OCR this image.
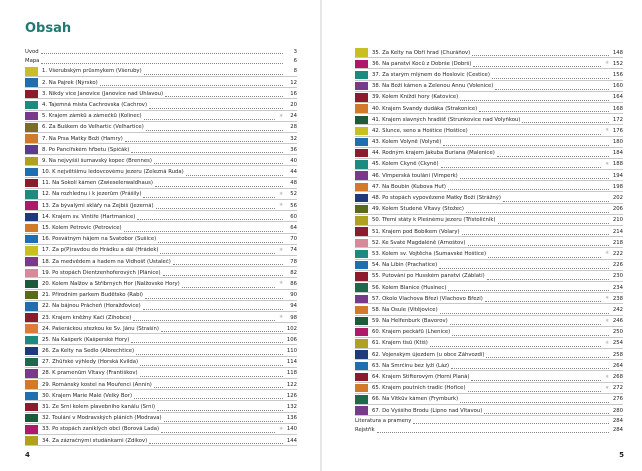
Obsah
Úvod	3
Mapa	6
1. Všerubským průsmykem (Všeruby)	8
2. Na Pajrek (Nýrsko)	12
3. Nikdy více Janovice (Janovice nad Úhlavou)	16
4. Tajemná místa Čachrovska (Čachrov)	20
5. Krajem zámků a zámečků (Kolinec)	☼	24
6. Za Buškem do Velhartic (Velhartice)	28
7. Na Prsa Matky Boží (Hamry)	32
8. Po Pancířském hřbetu (Špičák)	36
9. Na nejvyšší šumavský kopec (Brennes)	40
10. K největšímu ledovcovému jezeru (Železná Ruda)	44
11. Na Sokolí kámen (Zwieselerwaldhaus)	48
12. Na rozhlednu i k jezerům (Prášily)	☼	52
13. Za bývalými sklářy na Zejbiš (Jezerná)	☼	56
14. Krajem sv. Vintíře (Hartmanice)	60
15. Kolem Petrovic (Petrovice)	64
16. Posvátným hájem na Svatobor (Sušice)	70
17. Za p(P)ravdou do Hrádku a dál (Hrádek)	☼	74
18. Za medvědem a hadem na Vidhošť (Ústaleč)	78
19. Po stopách Dientzenhoferových (Plánice)	82
20. Kolem Nalžov a Stříbrných Hor (Nalžovské Hory)	☼	86
21. Přírodním parkem Budětsko (Rabí)	90
22. Na bájnou Prácheň (Horažďovice)	94
23. Krajem kněžny Kačí (Žihobce)	☼	98
24. Pašeráckou stezkou ke Sv. Jánu (Strašín)	102
25. Na Kašperk (Kašperské Hory)	106
26. Za Kelty na Sedlo (Albrechtice)	110
27. Zhůřské výhledy (Horská Kvilda)	114
28. K pramenům Vltavy (Františkov)	118
29. Románský kostel na Mouřenci (Annín)	122
30. Krajem Marie Malé (Velký Bor)	126
31. Ze Srní kolem plavebního kanálu (Srní)	132
32. Toulání v Modravských pláních (Modrava)	136
33. Po stopách zaniklých obcí (Borová Lada)	☼ 140
34. Za zázračnými studánkami (Zdíkov)	144
35. Za Kelty na Obří hrad (Churáňov)	148
36. Na panství Koců z Dobrše (Dobrš)	☼ 152
37. Za starým mlýnem do Hoslovic (Čestice)	156
38. Na Boží kámen a Zelenou Annu (Volenice)	160
39. Kolem Kníždí hory (Katovice)	164
40. Krajem Švandy dudáka (Strakonice)	168
41. Krajem slavných hradišť (Strunkovice nad Volyňkou)	172
42. Slunce, seno a Hoštice (Hoštice)	☼ 176
43. Kolem Volyně (Volyně)	180
44. Rodným krajem Jakuba Buriana (Malenice)	184
45. Kolem Čkyně (Čkyně)	☼ 188
46. Vimperská toulání (Vimperk)	194
47. Na Boubín (Kubova Huť)	198
48. Po stopách vypovězené Matky Boží (Strážný)	202
49. Kolem Studené Vltavy (Stožec)	206
50. Třemi státy k Plešnému jezeru (Třístoličník)	210
51. Krajem pod Bobíkem (Volary)	214
52. Ke Svaté Magdaléně (Arnoštov)	218
53. Kolem sv. Vojtěcha (Šumavské Hoštice)	☼ 222
54. Na Libín (Prachatice)	226
55. Putování po Husském panství (Žáblatí)	230
56. Kolem Blanice (Husinec)	234
57. Okolo Vlachova Březí (Vlachovo Březí)	☼ 238
58. Na Osule (Vitějovice)	242
59. Na Helfenburk (Bavorov)	☼ 246
60. Krajem peckářů (Lhenice)	250
61. Krajem tisů (Ktiš)	☼ 254
62. Vojenským újezdem (u obce Záhvozdí)	258
63. Na Smrčinu bez lyží (Láz)	264
64. Krajem Stifterovým (Horní Planá)	☼ 268
65. Krajem poutních tradic (Hořice)	☼ 272
66. Na Vítkův kámen (Frymburk)	276
67. Do Vyššího Brodu (Lipno nad Vltavou)	280
Literatura a prameny	284
Rejstřík	284
4	5
